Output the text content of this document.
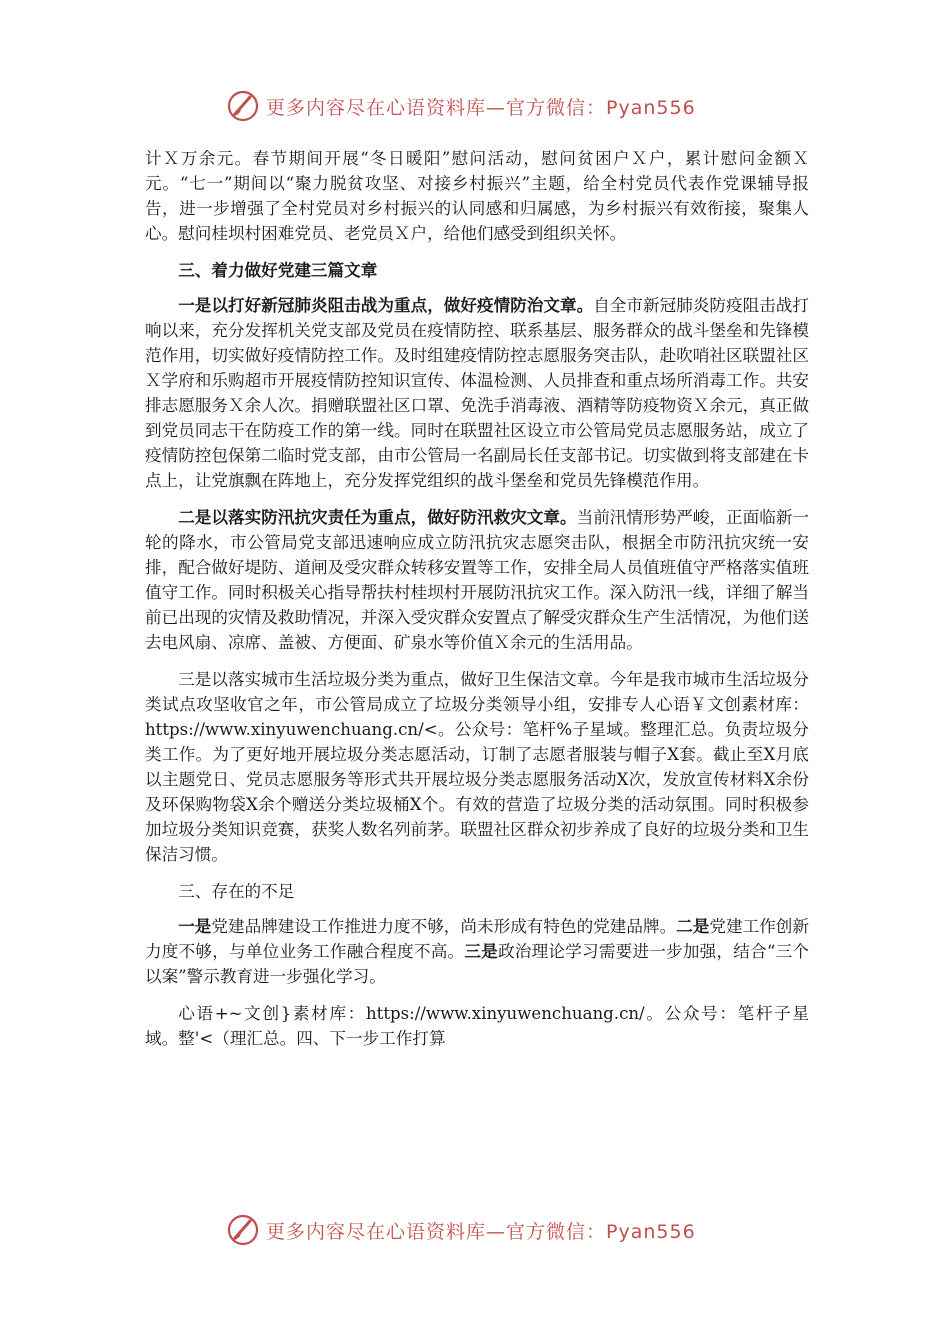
更多内容尽在心语资料库—官方微信：Pyan556

计Ｘ万余元。春节期间开展“冬日暖阳”慰问活动，慰问贫困户Ｘ户，累计慰问金额Ｘ元。“七一”期间以“聚力脱贫攻坚、对接乡村振兴”主题，给全村党员代表作党课辅导报告，进一步增强了全村党员对乡村振兴的认同感和归属感，为乡村振兴有效衔接，聚集人心。慰问桂坝村困难党员、老党员Ｘ户，给他们感受到组织关怀。

三、着力做好党建三篇文章

一是以打好新冠肺炎阻击战为重点，做好疫情防治文章。自全市新冠肺炎防疫阻击战打响以来，充分发挥机关党支部及党员在疫情防控、联系基层、服务群众的战斗堡垒和先锋模范作用，切实做好疫情防控工作。及时组建疫情防控志愿服务突击队，赴吹哨社区联盟社区Ｘ学府和乐购超市开展疫情防控知识宣传、体温检测、人员排查和重点场所消毒工作。共安排志愿服务Ｘ余人次。捐赠联盟社区口罩、免洗手消毒液、酒精等防疫物资Ｘ余元，真正做到党员同志干在防疫工作的第一线。同时在联盟社区设立市公管局党员志愿服务站，成立了疫情防控包保第二临时党支部，由市公管局一名副局长任支部书记。切实做到将支部建在卡点上，让党旗飘在阵地上，充分发挥党组织的战斗堡垒和党员先锋模范作用。

二是以落实防汛抗灾责任为重点，做好防汛救灾文章。当前汛情形势严峻，正面临新一轮的降水，市公管局党支部迅速响应成立防汛抗灾志愿突击队，根据全市防汛抗灾统一安排，配合做好堤防、道闸及受灾群众转移安置等工作，安排全局人员值班值守严格落实值班值守工作。同时积极关心指导帮扶村桂坝村开展防汛抗灾工作。深入防汛一线，详细了解当前已出现的灾情及救助情况，并深入受灾群众安置点了解受灾群众生产生活情况，为他们送去电风扇、凉席、盖被、方便面、矿泉水等价值Ｘ余元的生活用品。

三是以落实城市生活垃圾分类为重点，做好卫生保洁文章。今年是我市城市生活垃圾分类试点攻坚收官之年，市公管局成立了垃圾分类领导小组，安排专人心语￥文创素材库：https://www.xinyuwenchuang.cn/<。公众号：笔杆%子星域。整理汇总。负责垃圾分类工作。为了更好地开展垃圾分类志愿活动，订制了志愿者服装与帽子X套。截止至X月底以主题党日、党员志愿服务等形式共开展垃圾分类志愿服务活动X次，发放宣传材料X余份及环保购物袋X余个赠送分类垃圾桶X个。有效的营造了垃圾分类的活动氛围。同时积极参加垃圾分类知识竞赛，获奖人数名列前茅。联盟社区群众初步养成了良好的垃圾分类和卫生保洁习惯。

三、存在的不足

一是党建品牌建设工作推进力度不够，尚未形成有特色的党建品牌。二是党建工作创新力度不够，与单位业务工作融合程度不高。三是政治理论学习需要进一步加强，结合“三个以案”警示教育进一步强化学习。

心语+~文创}素材库：https://www.xinyuwenchuang.cn/。公众号：笔杆子星域。整'<（理汇总。四、下一步工作打算

更多内容尽在心语资料库—官方微信：Pyan556
